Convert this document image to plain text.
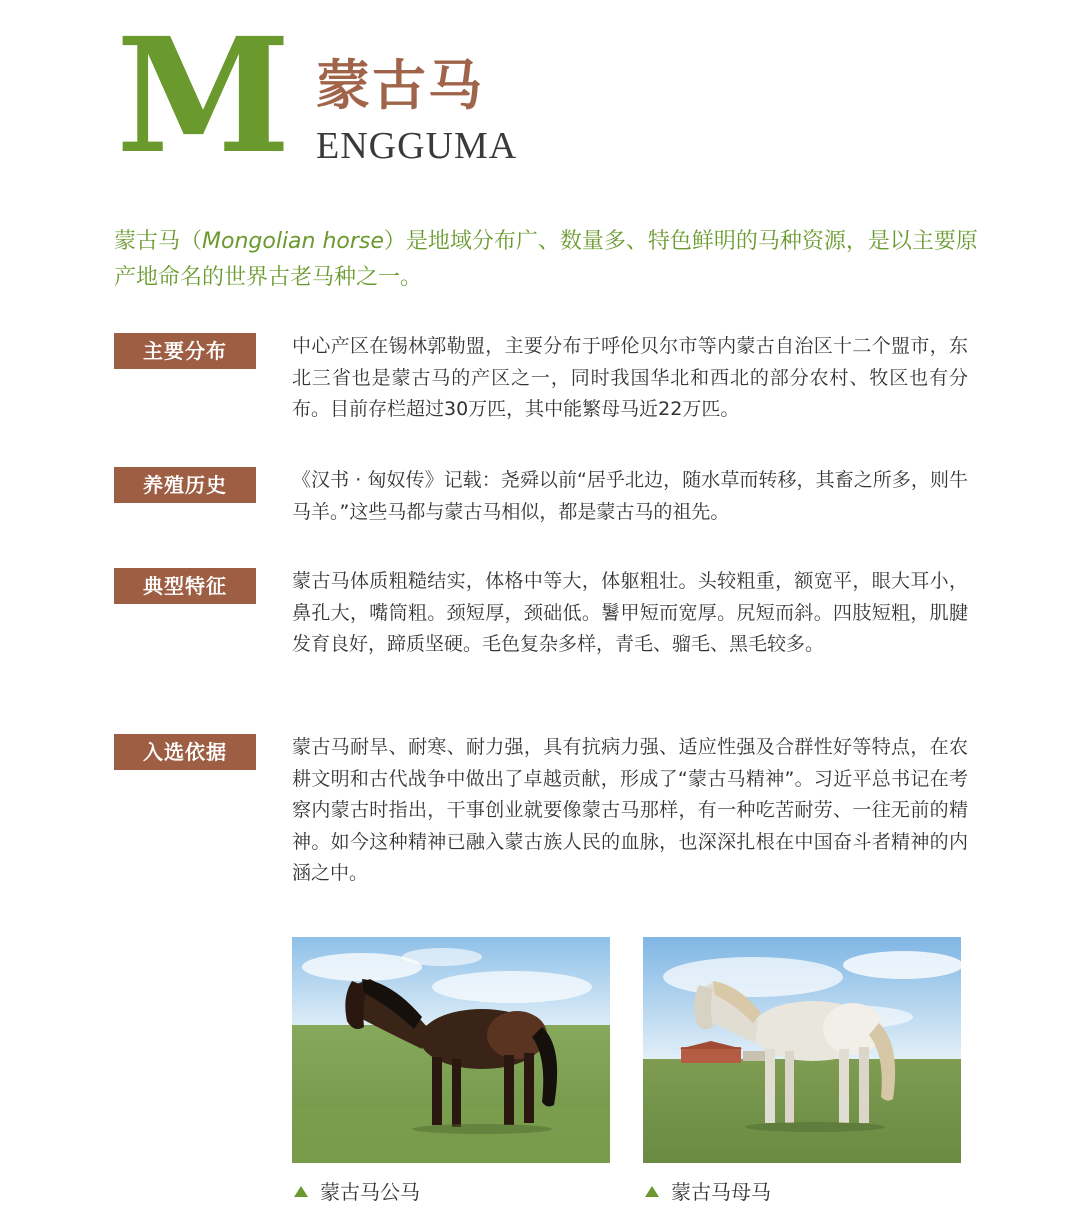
M 蒙古马
ENGGUMA
蒙古马（Mongolian horse）是地域分布广、数量多、特色鲜明的马种资源，是以主要原产地命名的世界古老马种之一。
主要分布	中心产区在锡林郭勒盟，主要分布于呼伦贝尔市等内蒙古自治区十二个盟市，东北三省也是蒙古马的产区之一，同时我国华北和西北的部分农村、牧区也有分布。目前存栏超过30万匹，其中能繁母马近22万匹。
养殖历史	《汉书 · 匈奴传》记载：尧舜以前“居乎北边，随水草而转移，其畜之所多，则牛马羊。”这些马都与蒙古马相似，都是蒙古马的祖先。
典型特征	蒙古马体质粗糙结实，体格中等大，体躯粗壮。头较粗重，额宽平，眼大耳小，鼻孔大，嘴筒粗。颈短厚，颈础低。鬐甲短而宽厚。尻短而斜。四肢短粗，肌腱发育良好，蹄质坚硬。毛色复杂多样，青毛、骝毛、黑毛较多。
入选依据	蒙古马耐旱、耐寒、耐力强，具有抗病力强、适应性强及合群性好等特点，在农耕文明和古代战争中做出了卓越贡献，形成了“蒙古马精神”。习近平总书记在考察内蒙古时指出，干事创业就要像蒙古马那样，有一种吃苦耐劳、一往无前的精神。如今这种精神已融入蒙古族人民的血脉，也深深扎根在中国奋斗者精神的内涵之中。
蒙古马公马	蒙古马母马
